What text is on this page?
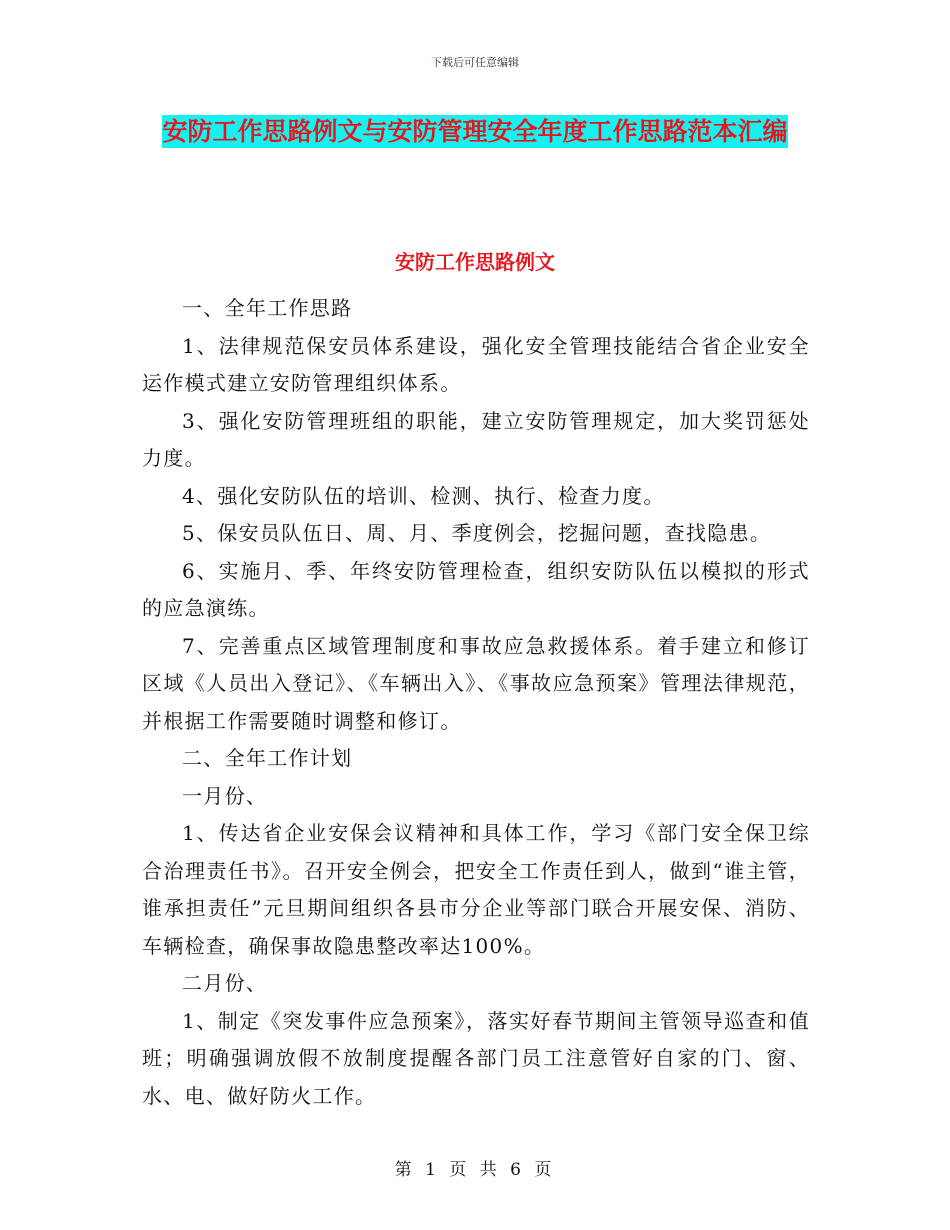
下载后可任意编辑
安防工作思路例文与安防管理安全年度工作思路范本汇编
安防工作思路例文

一、全年工作思路

1、法律规范保安员体系建设，强化安全管理技能结合省企业安全运作模式建立安防管理组织体系。

3、强化安防管理班组的职能，建立安防管理规定，加大奖罚惩处力度。

4、强化安防队伍的培训、检测、执行、检查力度。

5、保安员队伍日、周、月、季度例会，挖掘问题，查找隐患。

6、实施月、季、年终安防管理检查，组织安防队伍以模拟的形式的应急演练。

7、完善重点区域管理制度和事故应急救援体系。着手建立和修订区域《人员出入登记》、《车辆出入》、《事故应急预案》管理法律规范，并根据工作需要随时调整和修订。

二、全年工作计划

一月份、

1、传达省企业安保会议精神和具体工作，学习《部门安全保卫综合治理责任书》。召开安全例会，把安全工作责任到人，做到“谁主管，谁承担责任”元旦期间组织各县市分企业等部门联合开展安保、消防、车辆检查，确保事故隐患整改率达100%。

二月份、

1、制定《突发事件应急预案》，落实好春节期间主管领导巡查和值班；明确强调放假不放制度提醒各部门员工注意管好自家的门、窗、水、电、做好防火工作。

第 1 页 共 6 页
